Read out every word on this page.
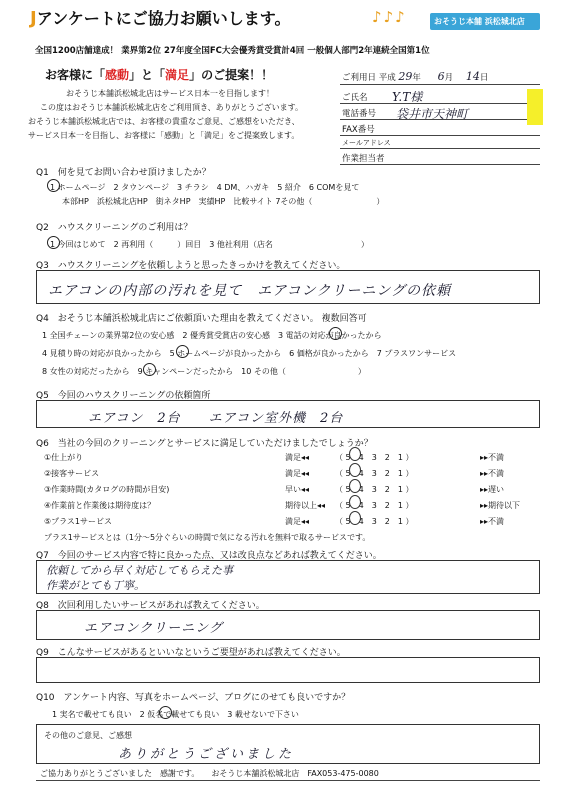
Jアンケートにご協力お願いします。	♪♪♪	おそうじ本舗 浜松城北店
全国1200店舗達成！ 業界第2位 27年度全国FC大会優秀賞受賞計4回 一般個人部門2年連続全国第1位
お客様に「感動」と「満足」のご提案！！
おそうじ本舗浜松城北店はサービス日本一を目指します！
この度はおそうじ本舗浜松城北店をご利用頂き、ありがとうございます。
おそうじ本舗浜松城北店では、お客様の貴重なご意見、ご感想をいただき、
サービス日本一を目指し、お客様に「感動」と「満足」をご提案致します。
ご利用日 平成 29年 6月 14日
ご氏名 Y.T様
電話番号 袋井市天神町
FAX番号
メールアドレス
作業担当者
Q1　何を見てお問い合わせ頂けましたか？
1 ホームページ　2 タウンページ　3 チラシ　4 DM、ハガキ　5 紹介　6 COMを見て
本部HP　浜松城北店HP　街ネタHP　実績HP　比較サイト 7その他（　　　　　　　　）
Q2　ハウスクリーニングのご利用は？
1 今回はじめて　2 再利用（　　　）回目　3 他社利用（店名　　　　　　　　　　　）
Q3　ハウスクリーニングを依頼しようと思ったきっかけを教えてください。
エアコンの内部の汚れを見て　エアコンクリーニングの依頼
Q4　おそうじ本舗浜松城北店にご依頼頂いた理由を教えてください。 複数回答可
1 全国チェーンの業界第2位の安心感　2 優秀賞受賞店の安心感　3 電話の対応が良かったから
4 見積り時の対応が良かったから　5 ホームページが良かったから　6 価格が良かったから　7 プラスワンサービス
8 女性の対応だったから　9 キャンペーンだったから　10 その他（　　　　　　　　　）
Q5　今回のハウスクリーニングの依頼箇所
エアコン　2台　　エアコン室外機　2台
Q6　当社の今回のクリーニングとサービスに満足していただけましたでしょうか？
①仕上がり	満足◂◂	（ 5　4　3　2　1 ）	▸▸不満
②接客サービス	満足◂◂	（ 5　4　3　2　1 ）	▸▸不満
③作業時間(カタログの時間が目安)	早い◂◂	（ 5　4　3　2　1 ）	▸▸遅い
④作業前と作業後は期待度は？	期待以上◂◂ （ 5　4　3　2　1 ）	▸▸期待以下
⑤プラス1サービス	満足◂◂	（ 5　4　3　2　1 ）	▸▸不満
プラス1サービスとは（1分〜5分ぐらいの時間で気になる汚れを無料で取るサービスです。
Q7　今回のサービス内容で特に良かった点、又は改良点などあれば教えてください。
依頼してから早く対応してもらえた事
作業がとても丁寧。
Q8　次回利用したいサービスがあれば教えてください。
エアコンクリーニング
Q9　こんなサービスがあるといいなというご要望があれば教えてください。
Q10　アンケート内容、写真をホームページ、ブログにのせても良いですか？
1 実名で載せても良い　2 仮名で載せても良い　3 載せないで下さい
その他のご意見、ご感想
ありがとうございました
ご協力ありがとうございました　感謝です。　　おそうじ本舗浜松城北店　FAX053-475-0080
